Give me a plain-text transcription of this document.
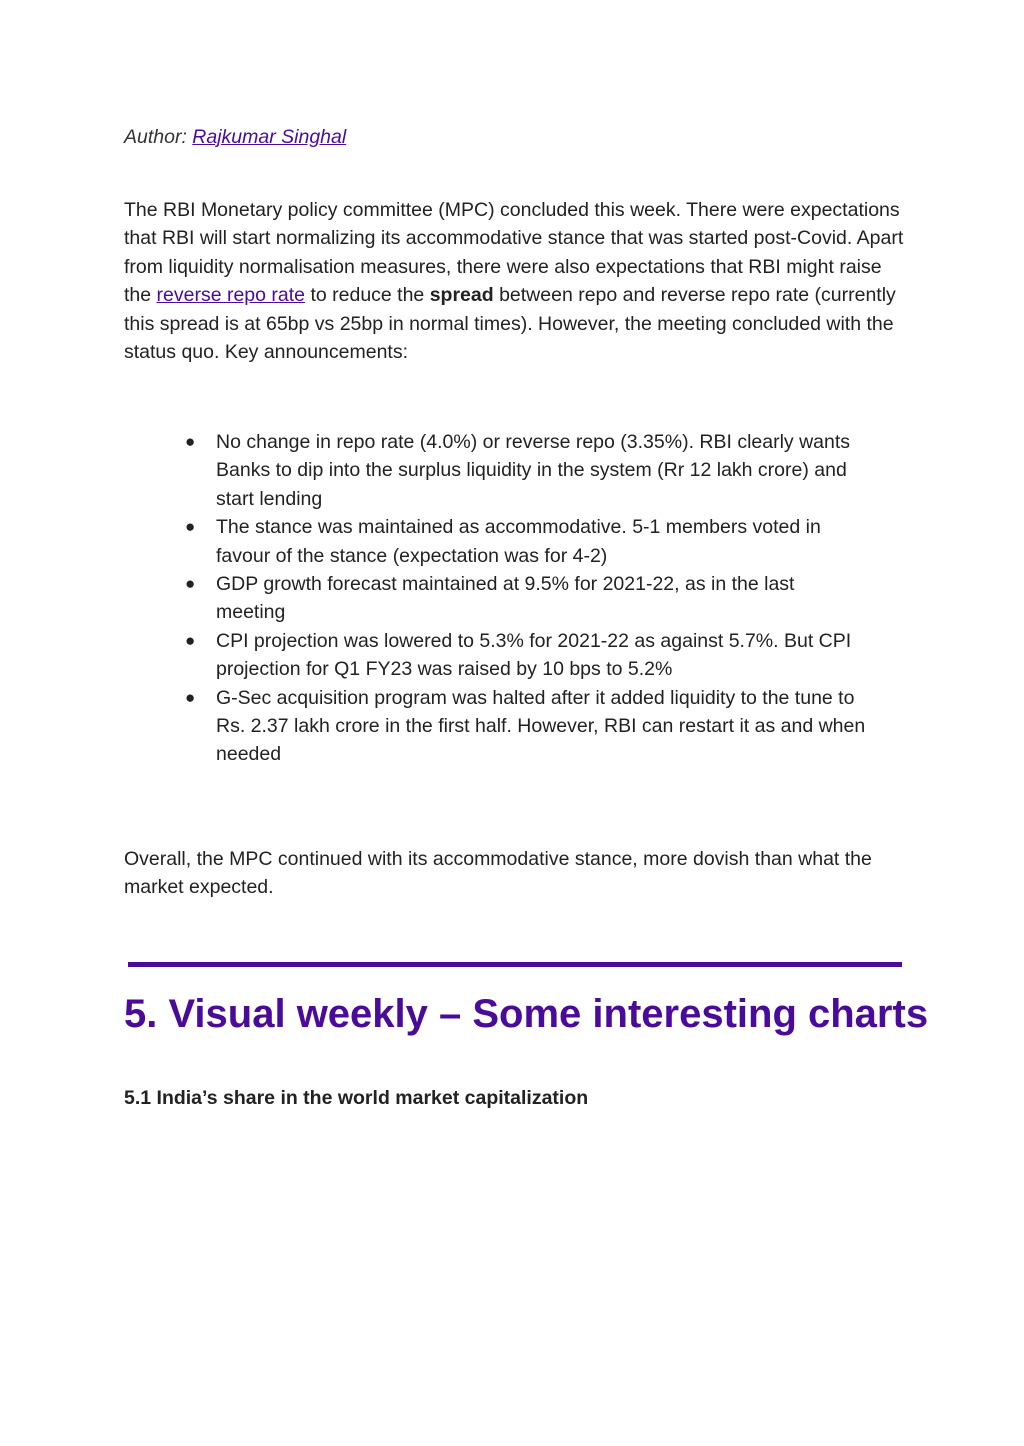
Author: Rajkumar Singhal

The RBI Monetary policy committee (MPC) concluded this week. There were expectations that RBI will start normalizing its accommodative stance that was started post-Covid. Apart from liquidity normalisation measures, there were also expectations that RBI might raise the reverse repo rate to reduce the spread between repo and reverse repo rate (currently this spread is at 65bp vs 25bp in normal times). However, the meeting concluded with the status quo. Key announcements:

● No change in repo rate (4.0%) or reverse repo (3.35%). RBI clearly wants Banks to dip into the surplus liquidity in the system (Rr 12 lakh crore) and start lending
● The stance was maintained as accommodative. 5-1 members voted in favour of the stance (expectation was for 4-2)
● GDP growth forecast maintained at 9.5% for 2021-22, as in the last meeting
● CPI projection was lowered to 5.3% for 2021-22 as against 5.7%. But CPI projection for Q1 FY23 was raised by 10 bps to 5.2%
● G-Sec acquisition program was halted after it added liquidity to the tune to Rs. 2.37 lakh crore in the first half. However, RBI can restart it as and when needed

Overall, the MPC continued with its accommodative stance, more dovish than what the market expected.

5. Visual weekly – Some interesting charts
5.1 India’s share in the world market capitalization
